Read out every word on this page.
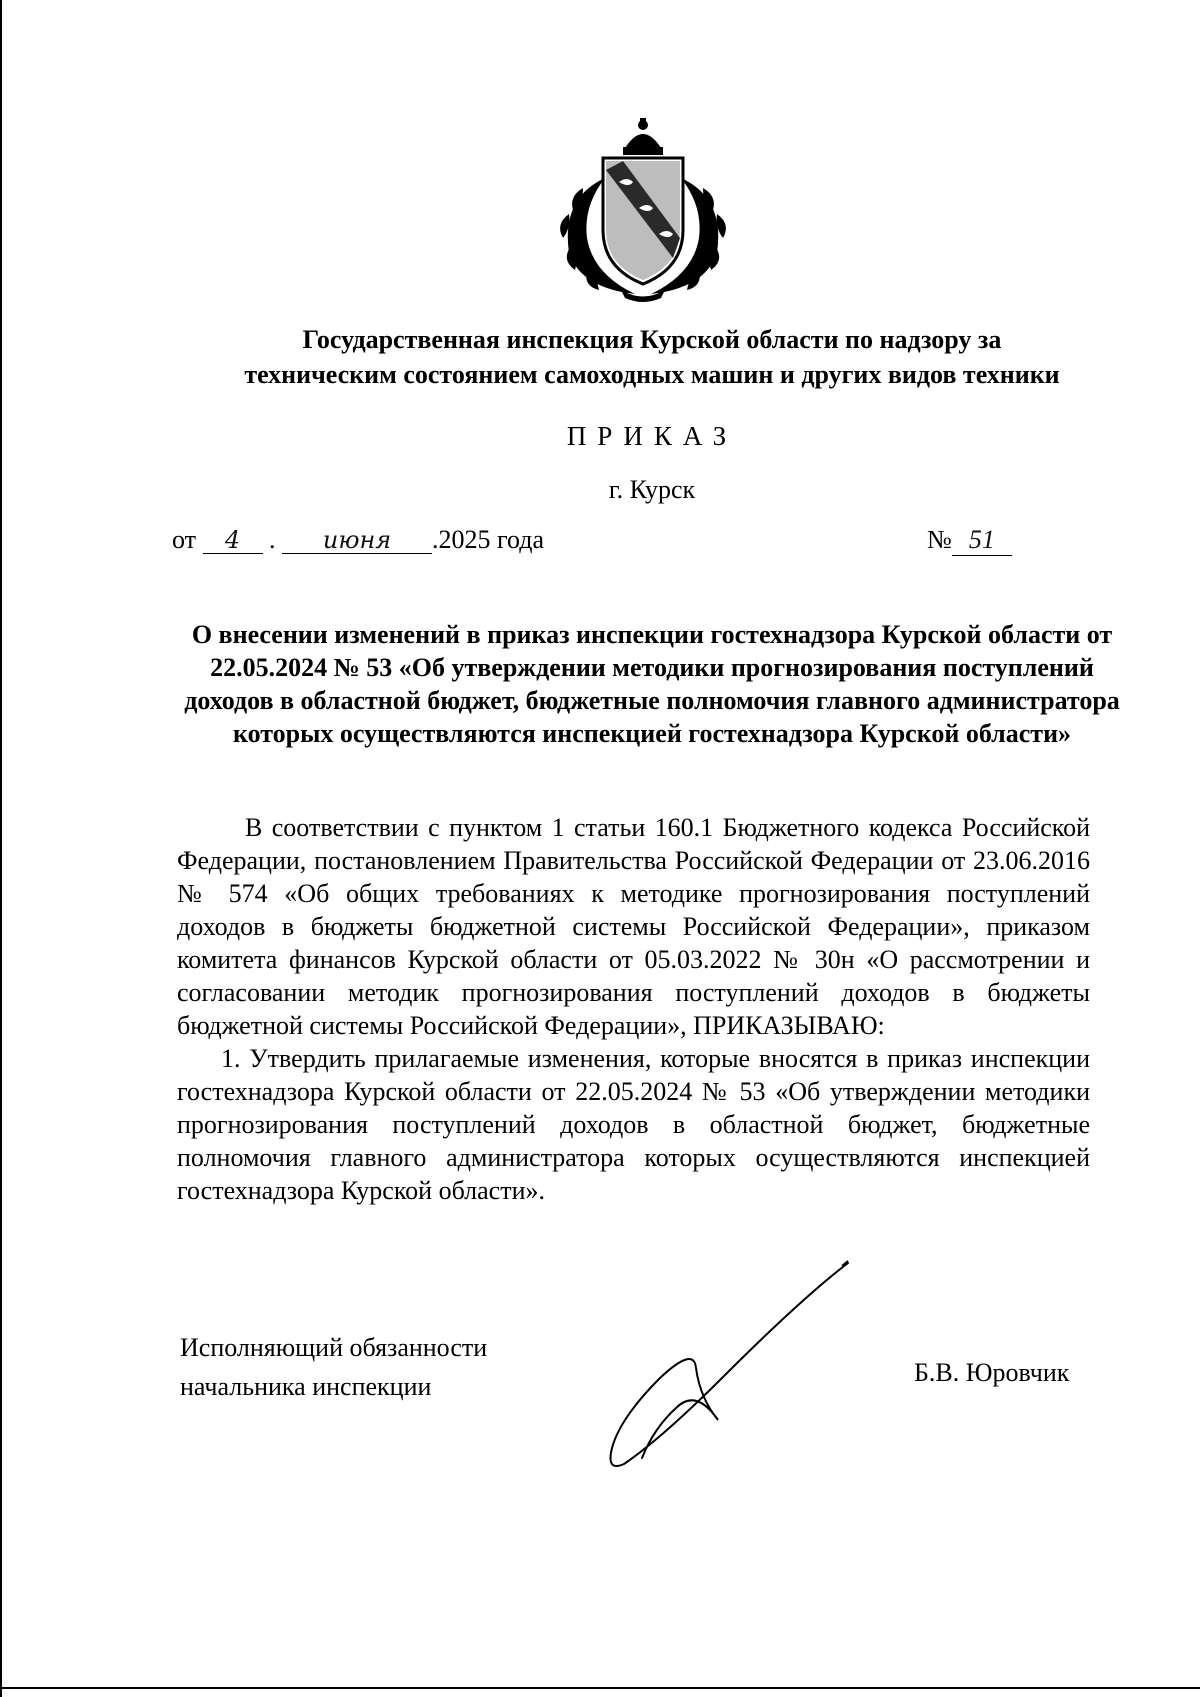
Государственная инспекция Курской области по надзору за
техническим состоянием самоходных машин и других видов техники
ПРИКАЗ
г. Курск
от 4 . июня .2025 года	№ 51
О внесении изменений в приказ инспекции гостехнадзора Курской области от 22.05.2024 № 53 «Об утверждении методики прогнозирования поступлений доходов в областной бюджет, бюджетные полномочия главного администратора которых осуществляются инспекцией гостехнадзора Курской области»

В соответствии с пунктом 1 статьи 160.1 Бюджетного кодекса Российской Федерации, постановлением Правительства Российской Федерации от 23.06.2016 № 574 «Об общих требованиях к методике прогнозирования поступлений доходов в бюджеты бюджетной системы Российской Федерации», приказом комитета финансов Курской области от 05.03.2022 № 30н «О рассмотрении и согласовании методик прогнозирования поступлений доходов в бюджеты бюджетной системы Российской Федерации», ПРИКАЗЫВАЮ:

1. Утвердить прилагаемые изменения, которые вносятся в приказ инспекции гостехнадзора Курской области от 22.05.2024 № 53 «Об утверждении методики прогнозирования поступлений доходов в областной бюджет, бюджетные полномочия главного администратора которых осуществляются инспекцией гостехнадзора Курской области».

Исполняющий обязанности
начальника инспекции	Б.В. Юровчик
